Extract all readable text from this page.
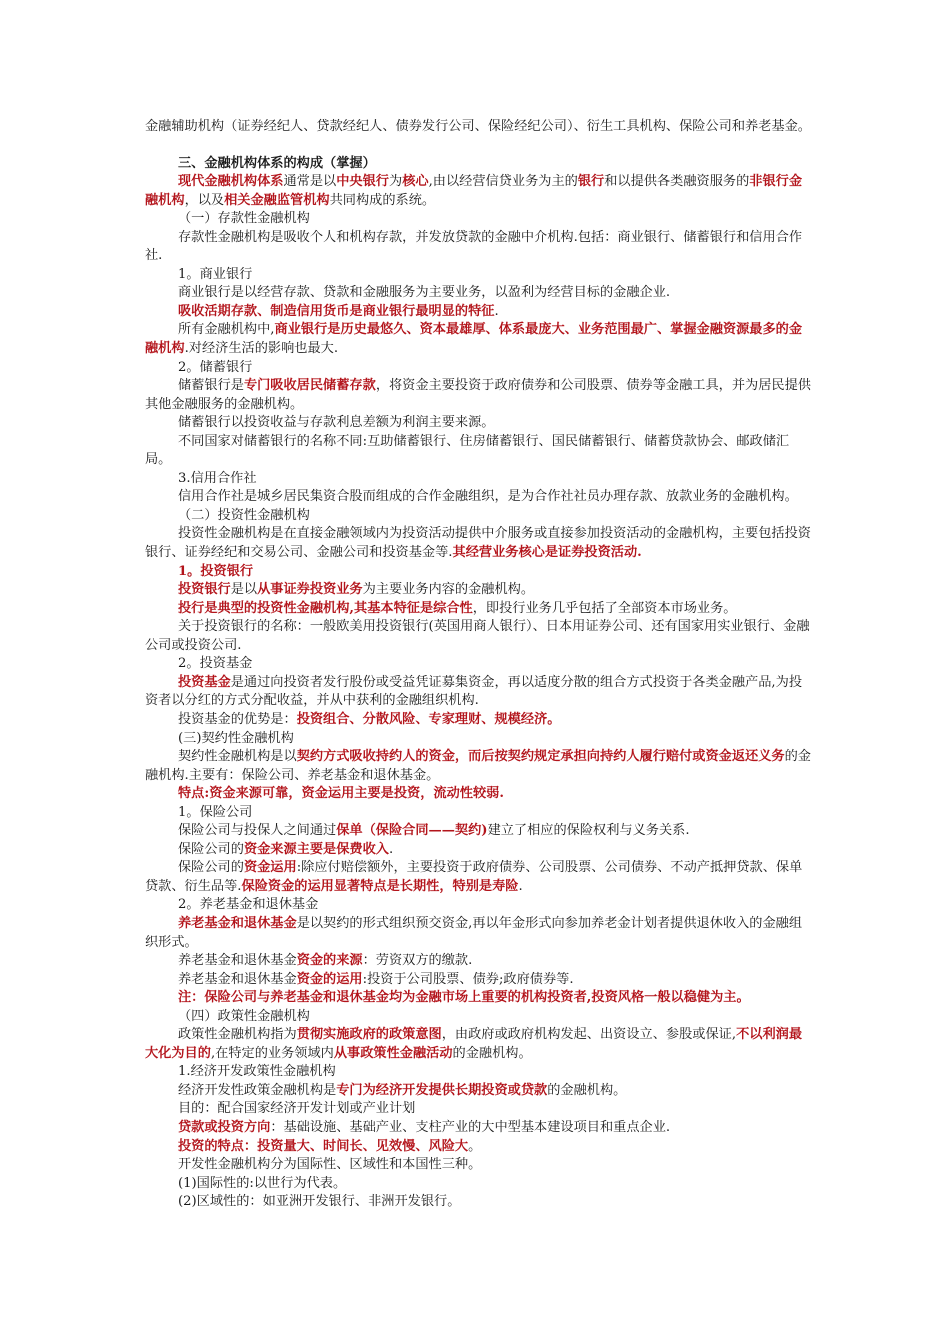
金融辅助机构（证券经纪人、贷款经纪人、债券发行公司、保险经纪公司）、衍生工具机构、保险公司和养老基金。
三、金融机构体系的构成（掌握）
现代金融机构体系通常是以中央银行为核心,由以经营信贷业务为主的银行和以提供各类融资服务的非银行金融机构，以及相关金融监管机构共同构成的系统。
（一）存款性金融机构
存款性金融机构是吸收个人和机构存款，并发放贷款的金融中介机构.包括：商业银行、储蓄银行和信用合作社.
1。商业银行
商业银行是以经营存款、贷款和金融服务为主要业务，以盈利为经营目标的金融企业.
吸收活期存款、制造信用货币是商业银行最明显的特征.
所有金融机构中,商业银行是历史最悠久、资本最雄厚、体系最庞大、业务范围最广、掌握金融资源最多的金融机构.对经济生活的影响也最大.
2。储蓄银行
储蓄银行是专门吸收居民储蓄存款，将资金主要投资于政府债券和公司股票、债券等金融工具，并为居民提供其他金融服务的金融机构。
储蓄银行以投资收益与存款利息差额为利润主要来源。
不同国家对储蓄银行的名称不同:互助储蓄银行、住房储蓄银行、国民储蓄银行、储蓄贷款协会、邮政储汇局。
3.信用合作社
信用合作社是城乡居民集资合股而组成的合作金融组织，是为合作社社员办理存款、放款业务的金融机构。
（二）投资性金融机构
投资性金融机构是在直接金融领域内为投资活动提供中介服务或直接参加投资活动的金融机构，主要包括投资银行、证券经纪和交易公司、金融公司和投资基金等.其经营业务核心是证券投资活动.
1。投资银行
投资银行是以从事证券投资业务为主要业务内容的金融机构。
投行是典型的投资性金融机构,其基本特征是综合性，即投行业务几乎包括了全部资本市场业务。
关于投资银行的名称：一般欧美用投资银行(英国用商人银行）、日本用证券公司、还有国家用实业银行、金融公司或投资公司.
2。投资基金
投资基金是通过向投资者发行股份或受益凭证募集资金，再以适度分散的组合方式投资于各类金融产品,为投资者以分红的方式分配收益，并从中获利的金融组织机构.
投资基金的优势是：投资组合、分散风险、专家理财、规模经济。
(三)契约性金融机构
契约性金融机构是以契约方式吸收持约人的资金，而后按契约规定承担向持约人履行赔付或资金返还义务的金融机构.主要有：保险公司、养老基金和退休基金。
特点:资金来源可靠，资金运用主要是投资，流动性较弱.
1。保险公司
保险公司与投保人之间通过保单（保险合同——契约)建立了相应的保险权利与义务关系.
保险公司的资金来源主要是保费收入.
保险公司的资金运用:除应付赔偿额外，主要投资于政府债券、公司股票、公司债券、不动产抵押贷款、保单贷款、衍生品等.保险资金的运用显著特点是长期性，特别是寿险.
2。养老基金和退休基金
养老基金和退休基金是以契约的形式组织预交资金,再以年金形式向参加养老金计划者提供退休收入的金融组织形式。
养老基金和退休基金资金的来源：劳资双方的缴款.
养老基金和退休基金资金的运用:投资于公司股票、债券;政府债券等.
注：保险公司与养老基金和退休基金均为金融市场上重要的机构投资者,投资风格一般以稳健为主。
（四）政策性金融机构
政策性金融机构指为贯彻实施政府的政策意图，由政府或政府机构发起、出资设立、参股或保证,不以利润最大化为目的,在特定的业务领域内从事政策性金融活动的金融机构。
1.经济开发政策性金融机构
经济开发性政策金融机构是专门为经济开发提供长期投资或贷款的金融机构。
目的：配合国家经济开发计划或产业计划
贷款或投资方向：基础设施、基础产业、支柱产业的大中型基本建设项目和重点企业.
投资的特点：投资量大、时间长、见效慢、风险大。
开发性金融机构分为国际性、区域性和本国性三种。
(1)国际性的:以世行为代表。
(2)区域性的：如亚洲开发银行、非洲开发银行。
